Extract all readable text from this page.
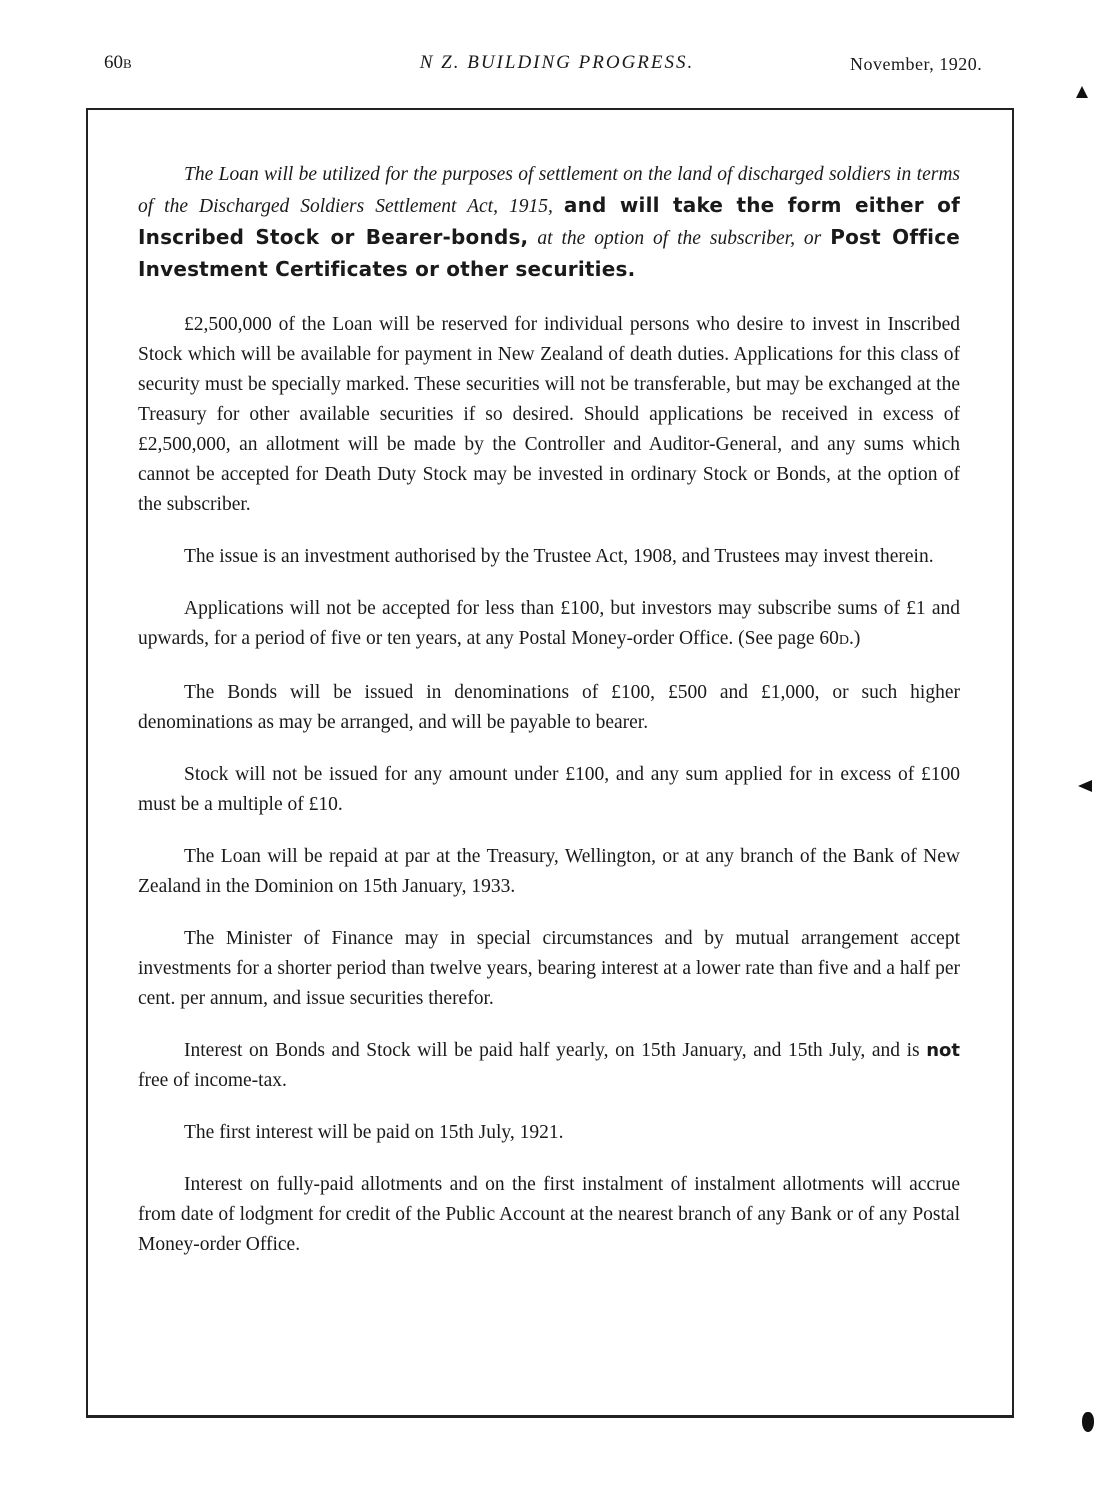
60B	N Z. BUILDING PROGRESS.	November, 1920.

The Loan will be utilized for the purposes of settlement on the land of discharged soldiers in terms of the Discharged Soldiers Settlement Act, 1915, and will take the form either of Inscribed Stock or Bearer-bonds, at the option of the subscriber, or Post Office Investment Certificates or other securities.

£2,500,000 of the Loan will be reserved for individual persons who desire to invest in Inscribed Stock which will be available for payment in New Zealand of death duties. Applications for this class of security must be specially marked. These securities will not be transferable, but may be exchanged at the Treasury for other available securities if so desired. Should applications be received in excess of £2,500,000, an allotment will be made by the Controller and Auditor-General, and any sums which cannot be accepted for Death Duty Stock may be invested in ordinary Stock or Bonds, at the option of the subscriber.

The issue is an investment authorised by the Trustee Act, 1908, and Trustees may invest therein.

Applications will not be accepted for less than £100, but investors may subscribe sums of £1 and upwards, for a period of five or ten years, at any Postal Money-order Office. (See page 60D.)

The Bonds will be issued in denominations of £100, £500 and £1,000, or such higher denominations as may be arranged, and will be payable to bearer.

Stock will not be issued for any amount under £100, and any sum applied for in excess of £100 must be a multiple of £10.

The Loan will be repaid at par at the Treasury, Wellington, or at any branch of the Bank of New Zealand in the Dominion on 15th January, 1933.

The Minister of Finance may in special circumstances and by mutual arrangement accept investments for a shorter period than twelve years, bearing interest at a lower rate than five and a half per cent. per annum, and issue securities therefor.

Interest on Bonds and Stock will be paid half yearly, on 15th January, and 15th July, and is not free of income-tax.

The first interest will be paid on 15th July, 1921.

Interest on fully-paid allotments and on the first instalment of instalment allotments will accrue from date of lodgment for credit of the Public Account at the nearest branch of any Bank or of any Postal Money-order Office.
